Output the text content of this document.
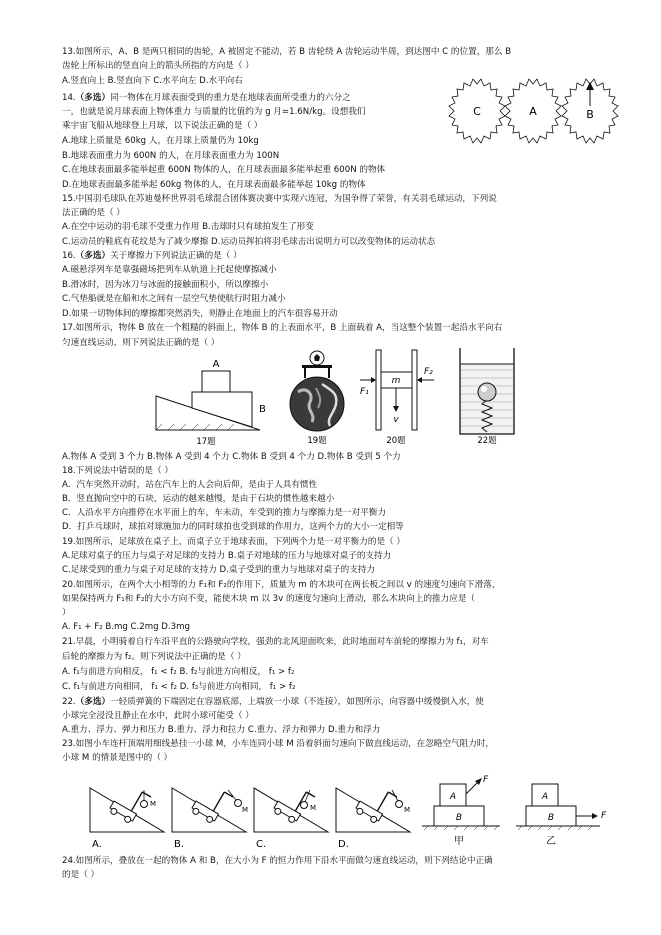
13.如图所示，A、B 是两只相同的齿轮，A 被固定不能动，若 B 齿轮绕 A 齿轮运动半周，到达图中 C 的位置，那么 B
齿轮上所标出的竖直向上的箭头所指的方向是（ ）
A.竖直向上 B.竖直向下 C.水平向左 D.水平向右
C	A	B
14.（多选）同一物体在月球表面受到的重力是在地球表面所受重力的六分之
一，也就是说月球表面上物体重力 与质量的比值约为 g 月=1.6N/kg。设想我们
乘宇宙飞船从地球登上月球，以下说法正确的是（ ）
A.地球上质量是 60kg 人，在月球上质量仍为 10kg
B.地球表面重力为 600N 的人，在月球表面重力为 100N
C.在地球表面最多能举起重 600N 物体的人，在月球表面最多能举起重 600N 的物体
D.在地球表面最多能举起 60kg 物体的人，在月球表面最多能举起 10kg 的物体
15.中国羽毛球队在苏迪曼杯世界羽毛球混合团体赛决赛中实现六连冠，为国争得了荣誉，有关羽毛球运动，下列说
法正确的是（ ）
A.在空中运动的羽毛球不受重力作用 B.击球时只有球拍发生了形变
C.运动员的鞋底有花纹是为了减少摩擦 D.运动员挥拍将羽毛球击出说明力可以改变物体的运动状态
16.（多选）关于摩擦力下列说法正确的是（ ）
A.磁悬浮列车是靠强磁场把列车从轨道上托起使摩擦减小
B.滑冰时，因为冰刀与冰面的接触面积小，所以摩擦小
C.气垫船就是在船和水之间有一层空气垫使航行时阻力减小
D.如果一切物体间的摩擦都突然消失，则静止在地面上的汽车很容易开动
17.如图所示，物体 B 放在一个粗糙的斜面上，物体 B 的上表面水平，B 上面载着 A，当这整个装置一起沿水平向右
匀速直线运动，则下列说法正确的是（ ）
A
B
17题	19题
m
F₁
F₂
v
20题	22题
A.物体 A 受到 3 个力 B.物体 A 受到 4 个力 C.物体 B 受到 4 个力 D.物体 B 受到 5 个力
18.下列说法中错误的是（ ）
A．汽车突然开动时，站在汽车上的人会向后仰，是由于人具有惯性
B．竖直抛向空中的石块，运动的越来越慢，是由于石块的惯性越来越小
C．人沿水平方向推停在水平面上的车，车未动，车受到的推力与摩擦力是一对平衡力
D．打乒乓球时，球拍对球施加力的同时球拍也受到球的作用力，这两个力的大小一定相等
19.如图所示，足球放在桌子上，而桌子立于地球表面，下列两个力是一对平衡力的是（ ）
A.足球对桌子的压力与桌子对足球的支持力 B.桌子对地球的压力与地球对桌子的支持力
C.足球受到的重力与桌子对足球的支持力 D.桌子受到的重力与地球对桌子的支持力
20.如图所示，在两个大小相等的力 F₁和 F₂的作用下，质量为 m 的木块可在两长板之间以 v 的速度匀速向下滑落，
如果保持两力 F₁和 F₂的大小方向不变，能使木块 m 以 3v 的速度匀速向上滑动，那么木块向上的推力应是（
）
A. F₁ + F₂ B.mg C.2mg D.3mg
21.早晨，小明骑着自行车沿平直的公路驶向学校，强劲的北风迎面吹来，此时地面对车前轮的摩擦力为 f₁，对车
后轮的摩擦力为 f₂。则下列说法中正确的是（ ）
A. f₁与前进方向相反， f₁ < f₂ B. f₂与前进方向相反， f₁ > f₂
C. f₁与前进方向相同， f₁ < f₂ D. f₂与前进方向相同， f₁ > f₂
22.（多选）一轻质弹簧的下端固定在容器底部，上端放一小球（不连接），如图所示，向容器中缓慢倒入水，使
小球完全浸没且静止在水中，此时小球可能受（ ）
A.重力、浮力、弹力和压力 B.重力、浮力和拉力 C.重力、浮力和弹力 D.重力和浮力
23.如图小车连杆顶端用细线悬挂一小球 M，小车连同小球 M 沿着斜面匀速向下做直线运动，在忽略空气阻力时，
小球 M 的情景是图中的（ ）
M
A.
M
B.
M
C.
M
D.
A
B
F
甲
A
B	F
乙
24.如图所示，叠放在一起的物体 A 和 B，在大小为 F 的恒力作用下沿水平面做匀速直线运动，则下列结论中正确
的是（ ）
